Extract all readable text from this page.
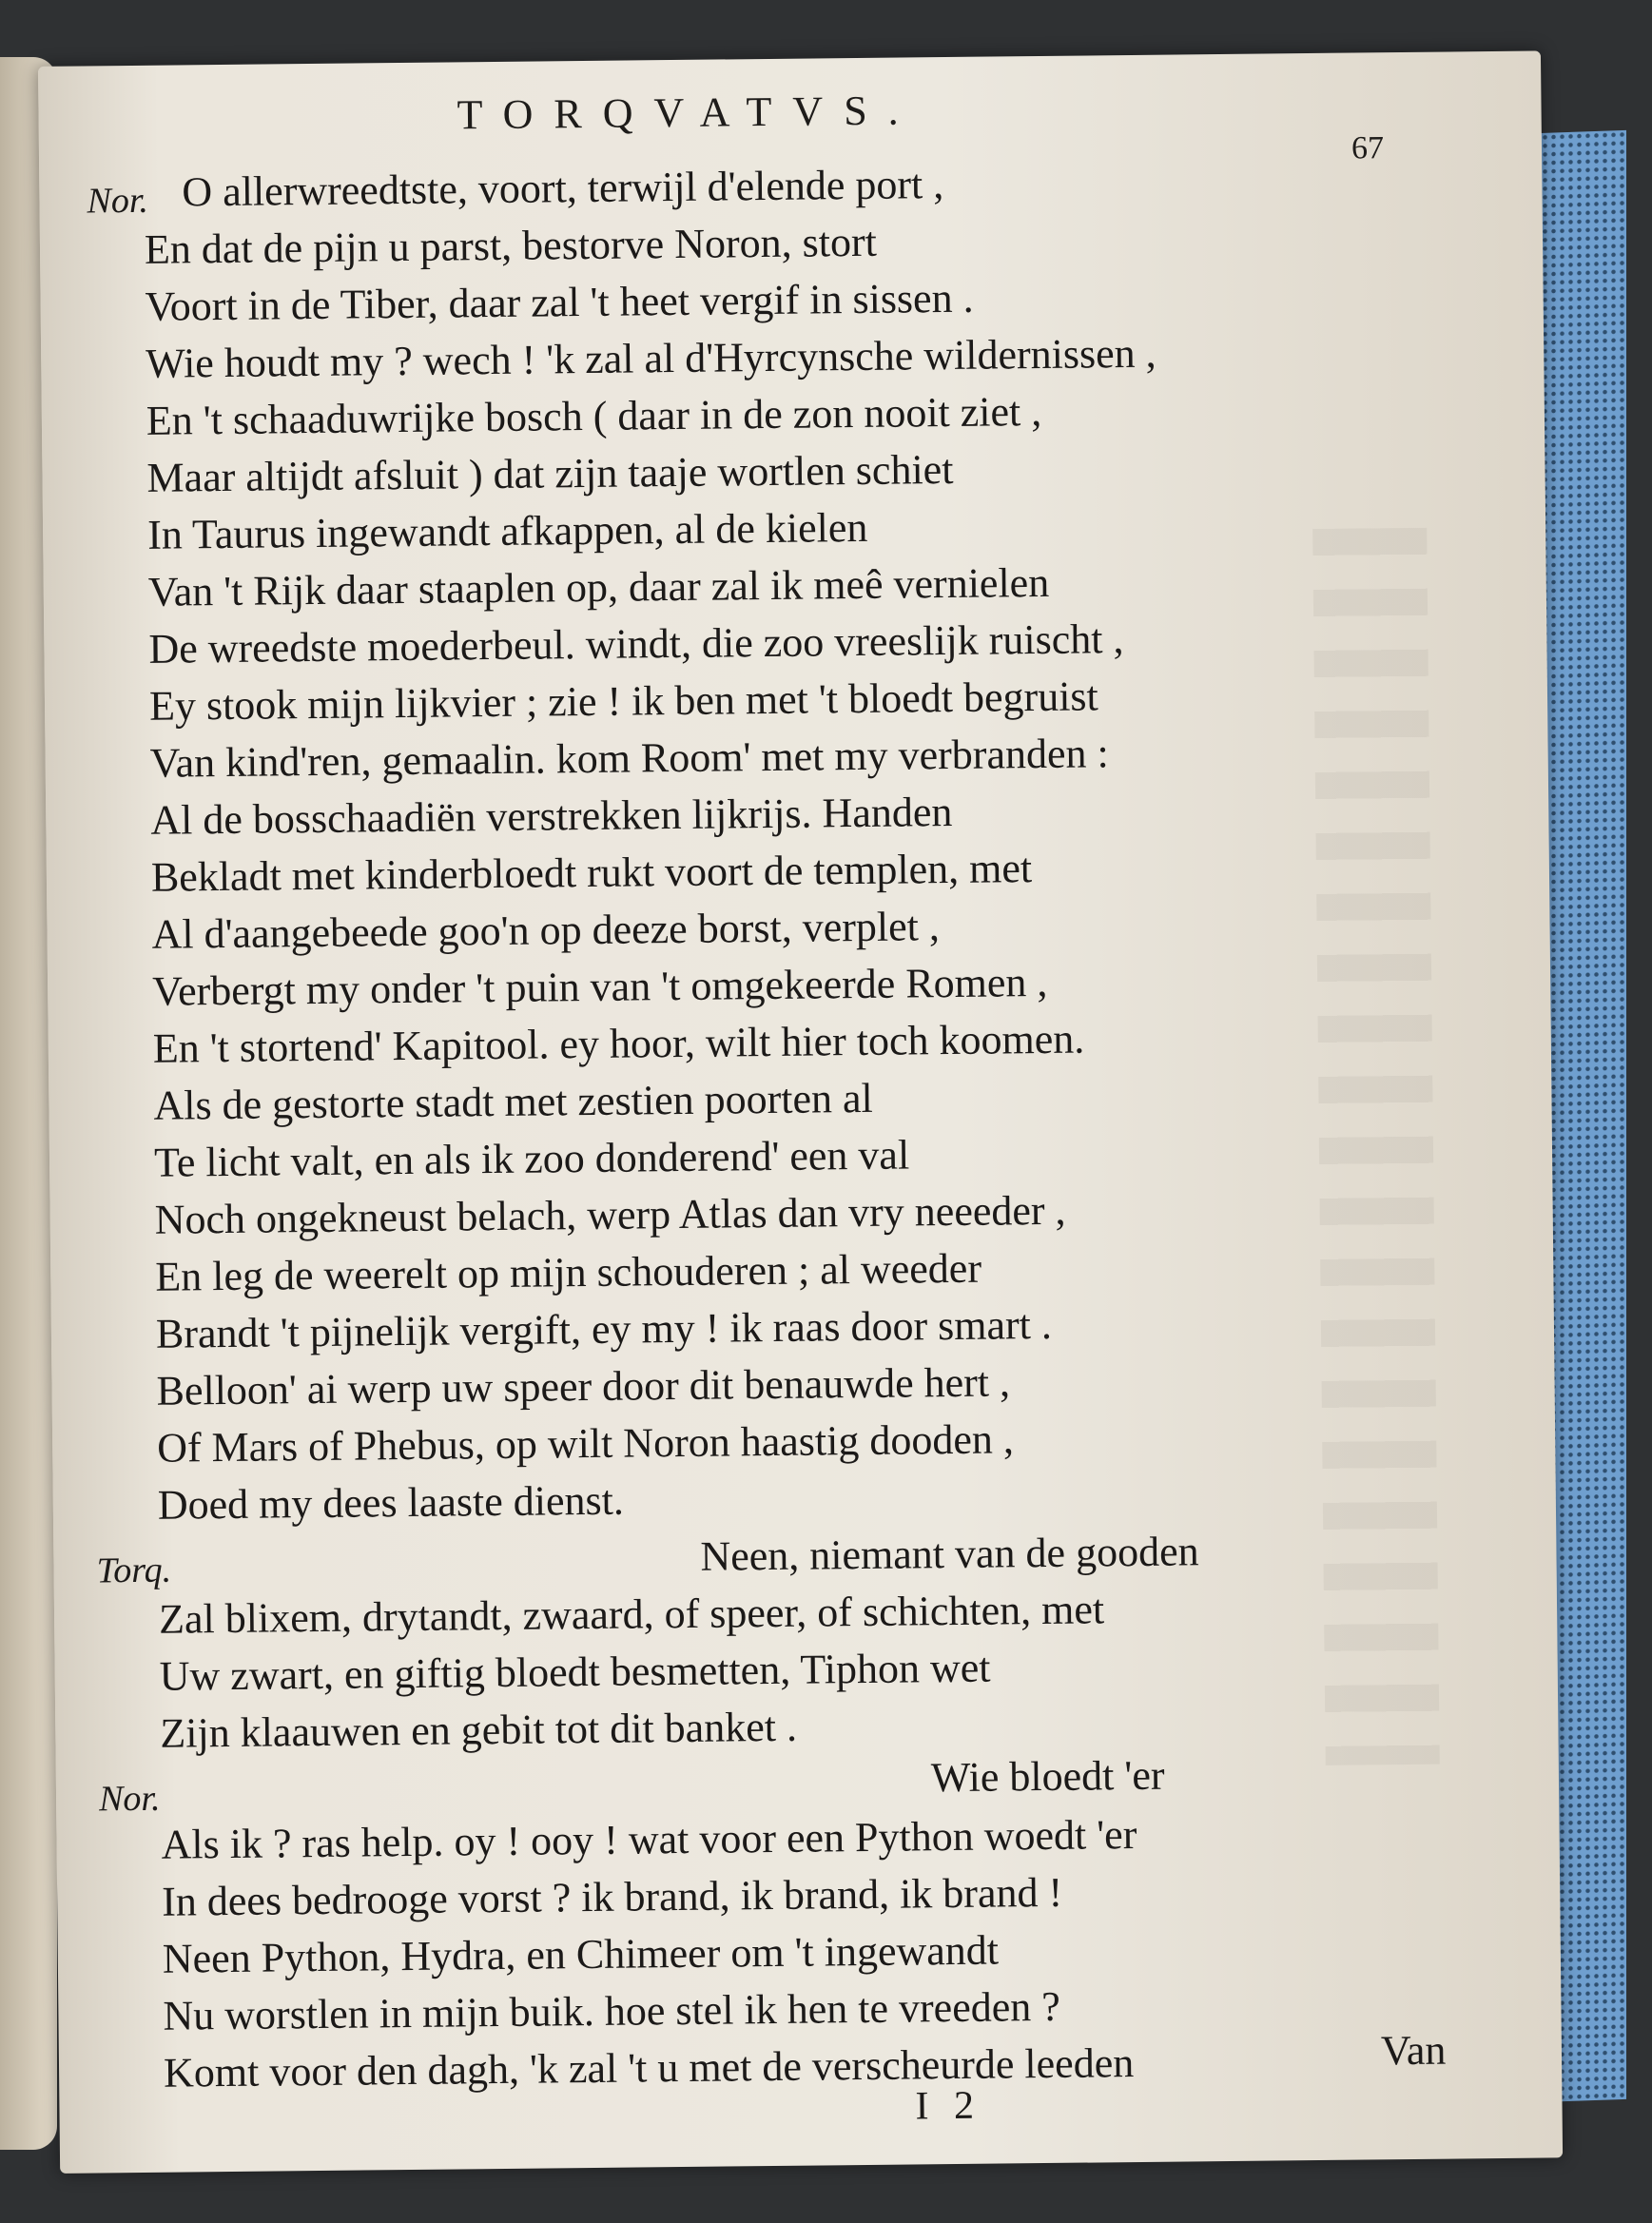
TORQVATVS.
67
Nor. O allerwreedtste, voort, terwijl d'elende port ,
En dat de pijn u parst, bestorve Noron, stort
Voort in de Tiber, daar zal 't heet vergif in sissen .
Wie houdt my ? wech ! 'k zal al d'Hyrcynsche wildernissen ,
En 't schaaduwrijke bosch ( daar in de zon nooit ziet ,
Maar altijdt afsluit ) dat zijn taaje wortlen schiet
In Taurus ingewandt afkappen, al de kielen
Van 't Rijk daar staaplen op, daar zal ik meê vernielen
De wreedste moederbeul. windt, die zoo vreeslijk ruischt ,
Ey stook mijn lijkvier ; zie ! ik ben met 't bloedt begruist
Van kind'ren, gemaalin. kom Room' met my verbranden :
Al de bosschaadiën verstrekken lijkrijs. Handen
Bekladt met kinderbloedt rukt voort de templen, met
Al d'aangebeede goo'n op deeze borst, verplet ,
Verbergt my onder 't puin van 't omgekeerde Romen ,
En 't stortend' Kapitool. ey hoor, wilt hier toch koomen.
Als de gestorte stadt met zestien poorten al
Te licht valt, en als ik zoo donderend' een val
Noch ongekneust belach, werp Atlas dan vry neeeder ,
En leg de weerelt op mijn schouderen ; al weeder
Brandt 't pijnelijk vergift, ey my ! ik raas door smart .
Belloon' ai werp uw speer door dit benauwde hert ,
Of Mars of Phebus, op wilt Noron haastig dooden ,
Doed my dees laaste dienst.
Torq.	Neen, niemant van de gooden
Zal blixem, drytandt, zwaard, of speer, of schichten, met
Uw zwart, en giftig bloedt besmetten, Tiphon wet
Zijn klaauwen en gebit tot dit banket .
Nor.	Wie bloedt 'er
Als ik ? ras help. oy ! ooy ! wat voor een Python woedt 'er
In dees bedrooge vorst ? ik brand, ik brand, ik brand !
Neen Python, Hydra, en Chimeer om 't ingewandt
Nu worstlen in mijn buik. hoe stel ik hen te vreeden ?
Komt voor den dagh, 'k zal 't u met de verscheurde leeden	Van
I 2
